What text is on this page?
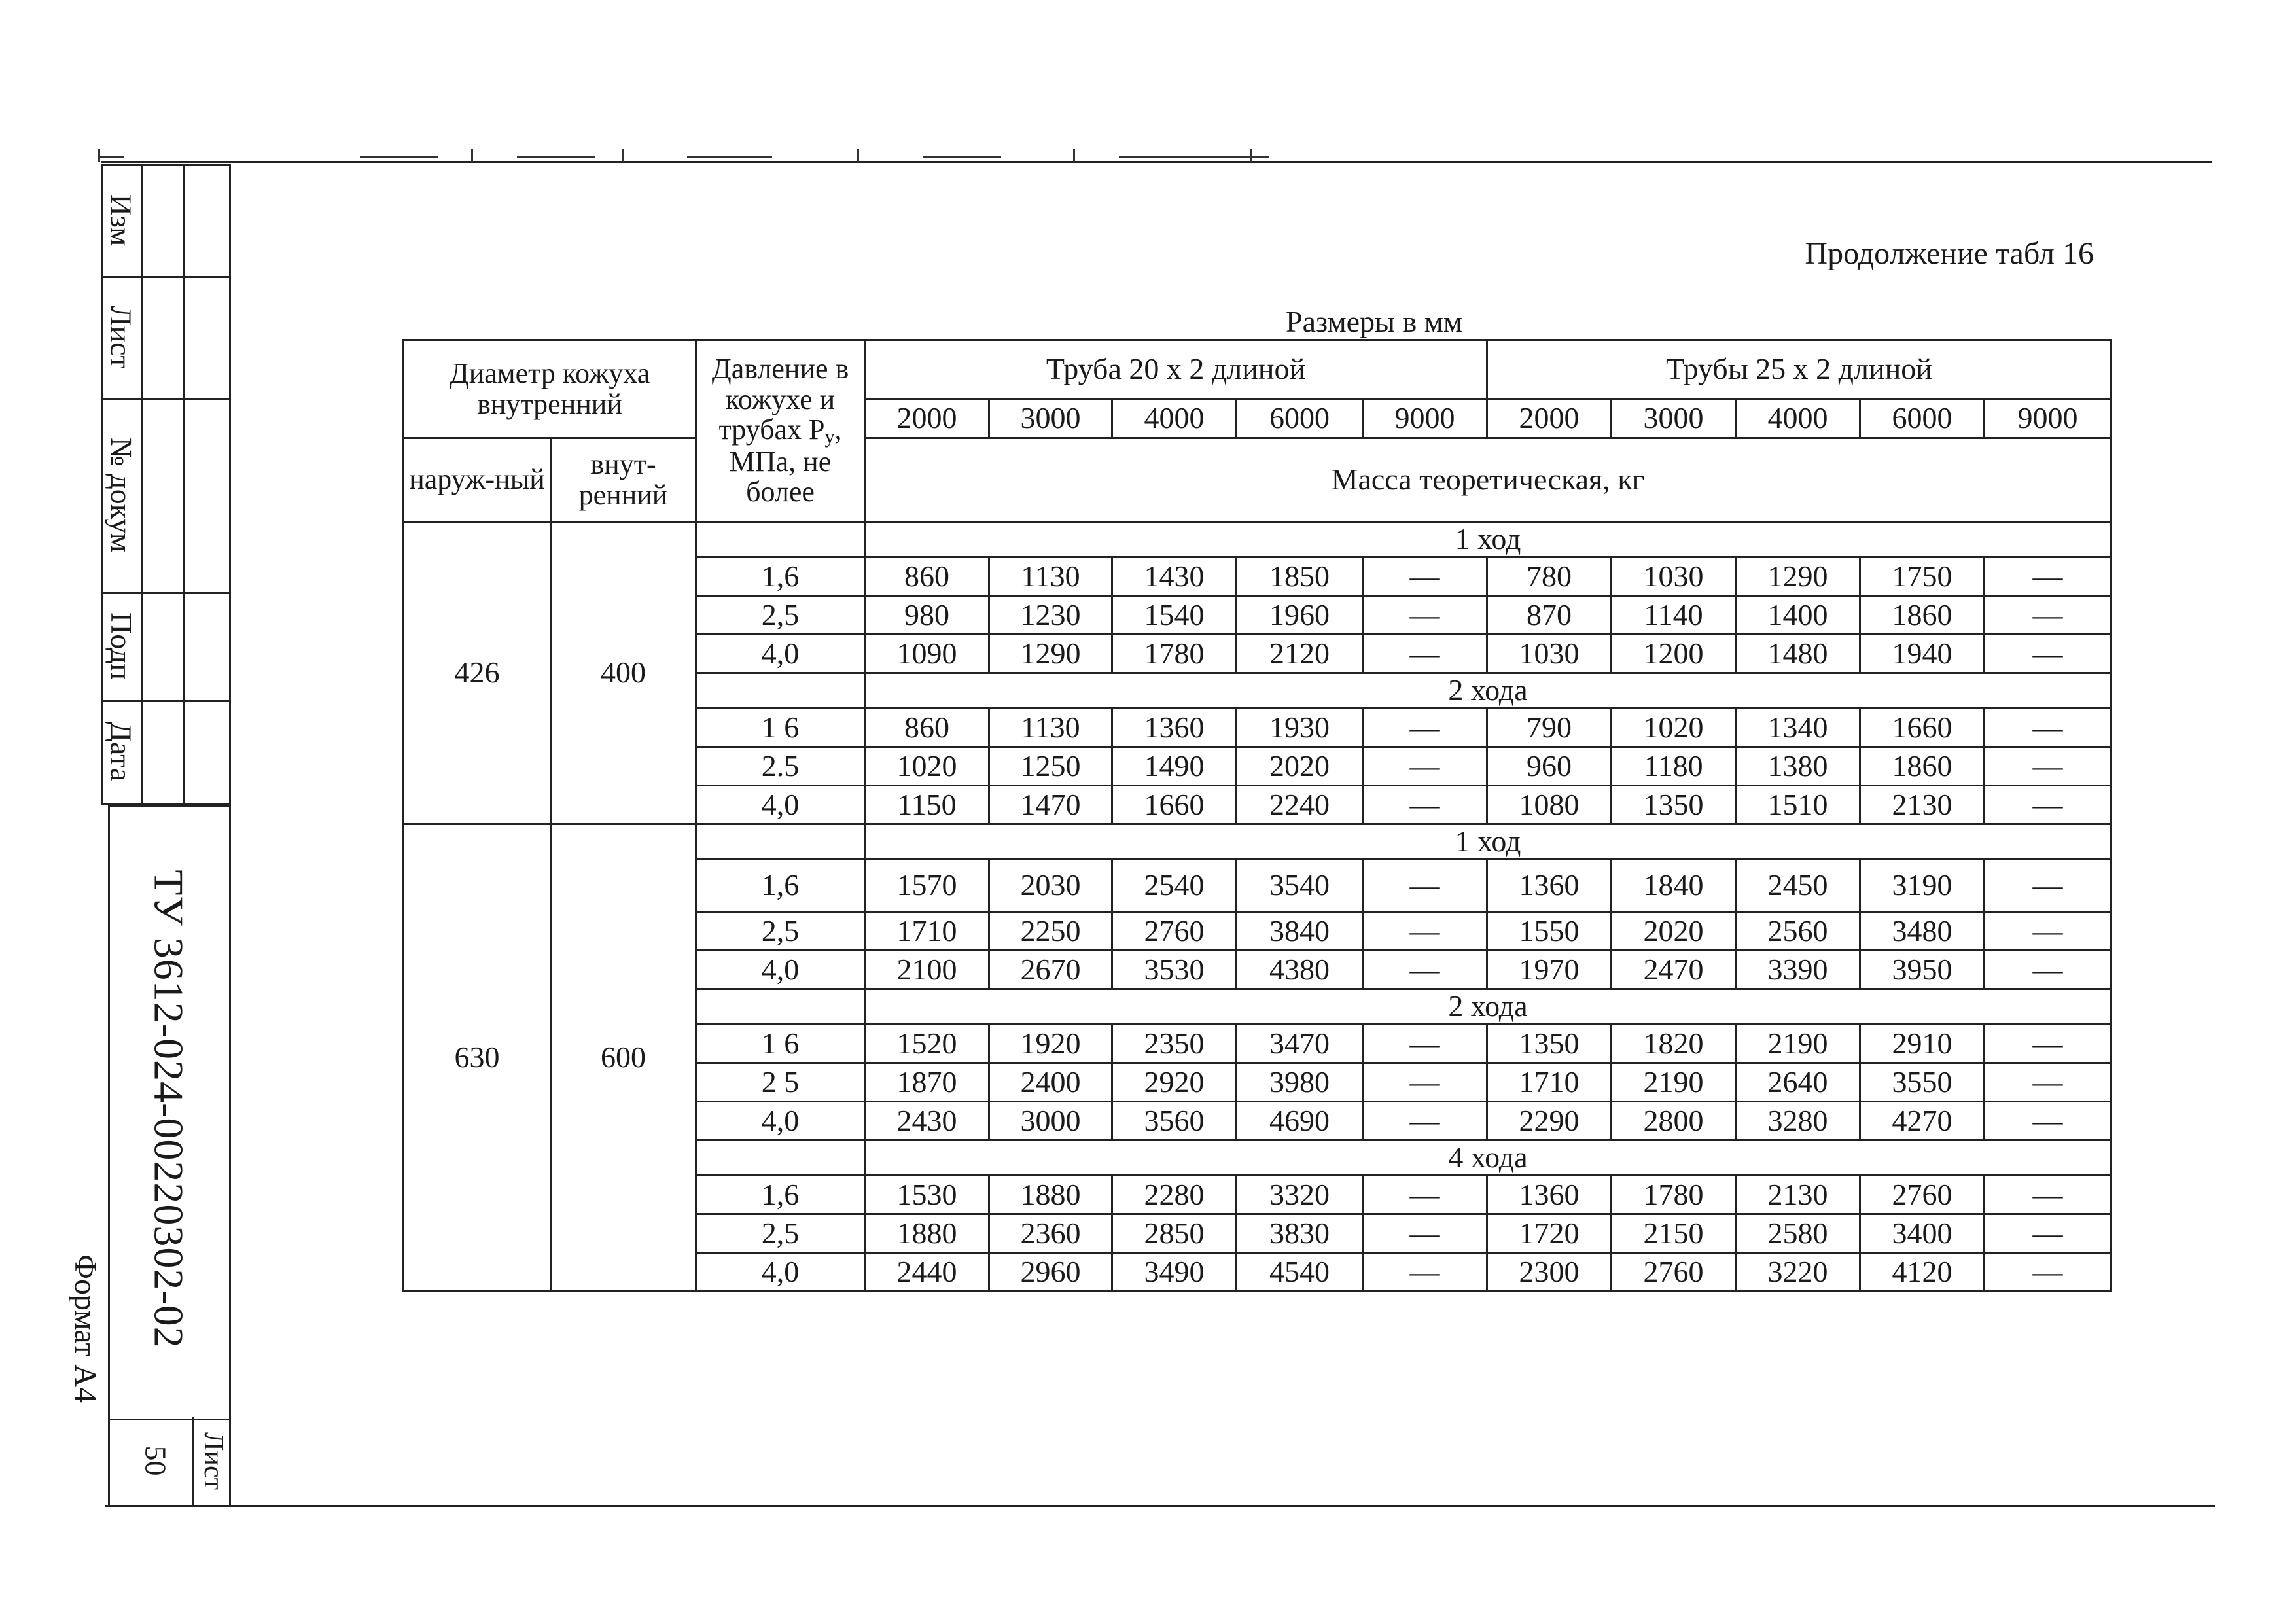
Изм
Лист
№ докум
Подп
Дата
ТУ 3612-024-00220302-02
Формат А4
Лист
50
Продолжение табл 16
Размеры в мм
Диаметр кожуха внутренний		Давление в кожухе и трубах $P_у$, МПа, не более	Труба 20 х 2 длиной					Трубы 25 х 2 длиной				
			2000	3000	4000	6000	9000	2000	3000	4000	6000	9000
наруж-ный	внут-ренний		Масса теоретическая, кг									
426	400		1 ход									
		1,6	860	1130	1430	1850	—	780	1030	1290	1750	—
		2,5	980	1230	1540	1960	—	870	1140	1400	1860	—
		4,0	1090	1290	1780	2120	—	1030	1200	1480	1940	—
			2 хода									
		1 6	860	1130	1360	1930	—	790	1020	1340	1660	—
		2.5	1020	1250	1490	2020	—	960	1180	1380	1860	—
		4,0	1150	1470	1660	2240	—	1080	1350	1510	2130	—
630	600		1 ход									
		1,6	1570	2030	2540	3540	—	1360	1840	2450	3190	—
		2,5	1710	2250	2760	3840	—	1550	2020	2560	3480	—
		4,0	2100	2670	3530	4380	—	1970	2470	3390	3950	—
			2 хода									
		1 6	1520	1920	2350	3470	—	1350	1820	2190	2910	—
		2 5	1870	2400	2920	3980	—	1710	2190	2640	3550	—
		4,0	2430	3000	3560	4690	—	2290	2800	3280	4270	—
			4 хода									
		1,6	1530	1880	2280	3320	—	1360	1780	2130	2760	—
		2,5	1880	2360	2850	3830	—	1720	2150	2580	3400	—
		4,0	2440	2960	3490	4540	—	2300	2760	3220	4120	—
